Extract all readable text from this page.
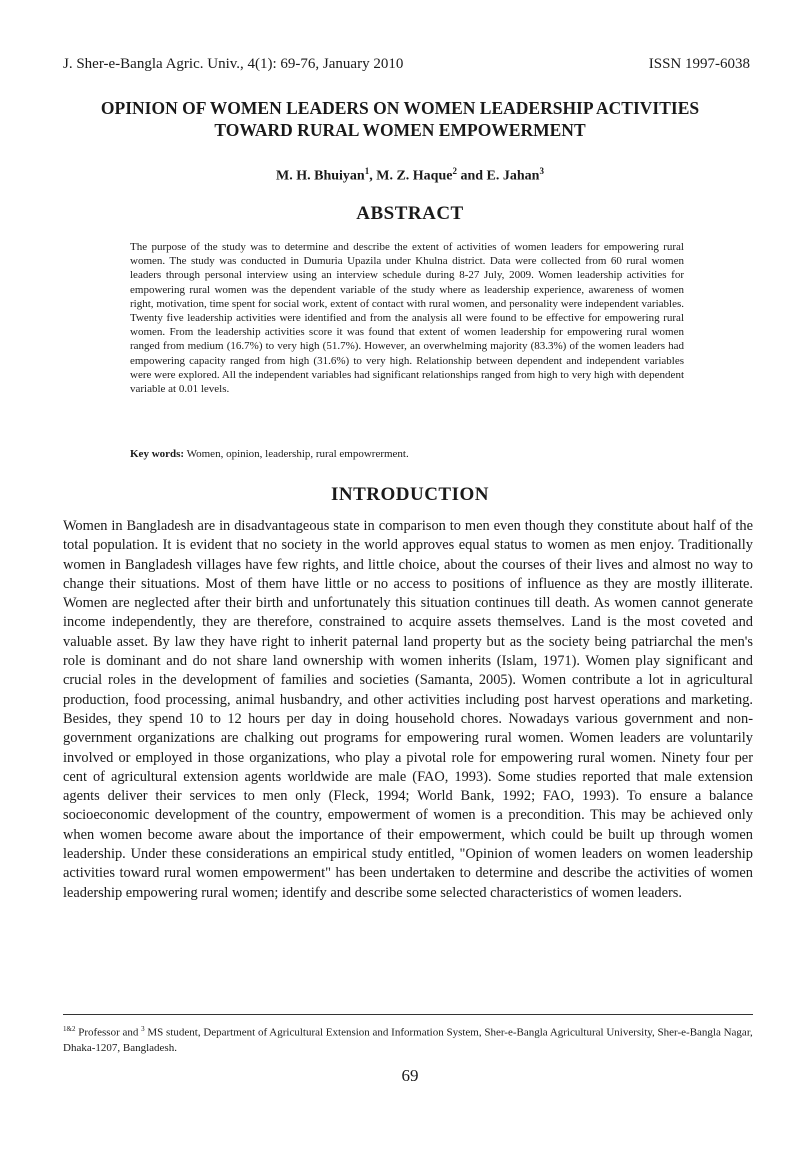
J. Sher-e-Bangla Agric. Univ., 4(1): 69-76, January 2010	ISSN 1997-6038
OPINION OF WOMEN LEADERS ON WOMEN LEADERSHIP ACTIVITIES
TOWARD RURAL WOMEN EMPOWERMENT
M. H. Bhuiyan$^1$, M. Z. Haque$^2$ and E. Jahan$^3$
ABSTRACT
The purpose of the study was to determine and describe the extent of activities of women leaders for empowering rural women. The study was conducted in Dumuria Upazila under Khulna district. Data were collected from 60 rural women leaders through personal interview using an interview schedule during 8-27 July, 2009. Women leadership activities for empowering rural women was the dependent variable of the study where as leadership experience, awareness of women right, motivation, time spent for social work, extent of contact with rural women, and personality were independent variables. Twenty five leadership activities were identified and from the analysis all were found to be effective for empowering rural women. From the leadership activities score it was found that extent of women leadership for empowering rural women ranged from medium (16.7%) to very high (51.7%). However, an overwhelming majority (83.3%) of the women leaders had empowering capacity ranged from high (31.6%) to very high. Relationship between dependent and independent variables were were explored. All the independent variables had significant relationships ranged from high to very high with dependent variable at 0.01 levels.
Key words: Women, opinion, leadership, rural empowrerment.
INTRODUCTION
Women in Bangladesh are in disadvantageous state in comparison to men even though they constitute about half of the total population. It is evident that no society in the world approves equal status to women as men enjoy. Traditionally women in Bangladesh villages have few rights, and little choice, about the courses of their lives and almost no way to change their situations. Most of them have little or no access to positions of influence as they are mostly illiterate. Women are neglected after their birth and unfortunately this situation continues till death. As women cannot generate income independently, they are therefore, constrained to acquire assets themselves. Land is the most coveted and valuable asset. By law they have right to inherit paternal land property but as the society being patriarchal the men's role is dominant and do not share land ownership with women inherits (Islam, 1971). Women play significant and crucial roles in the development of families and societies (Samanta, 2005). Women contribute a lot in agricultural production, food processing, animal husbandry, and other activities including post harvest operations and marketing. Besides, they spend 10 to 12 hours per day in doing household chores. Nowadays various government and non-government organizations are chalking out programs for empowering rural women. Women leaders are voluntarily involved or employed in those organizations, who play a pivotal role for empowering rural women. Ninety four per cent of agricultural extension agents worldwide are male (FAO, 1993). Some studies reported that male extension agents deliver their services to men only (Fleck, 1994; World Bank, 1992; FAO, 1993). To ensure a balance socioeconomic development of the country, empowerment of women is a precondition. This may be achieved only when women become aware about the importance of their empowerment, which could be built up through women leadership. Under these considerations an empirical study entitled, "Opinion of women leaders on women leadership activities toward rural women empowerment" has been undertaken to determine and describe the activities of women leadership empowering rural women; identify and describe some selected characteristics of women leaders.
$^{1\&2}$ Professor and $^3$ MS student, Department of Agricultural Extension and Information System, Sher-e-Bangla Agricultural University, Sher-e-Bangla Nagar, Dhaka-1207, Bangladesh.
69
